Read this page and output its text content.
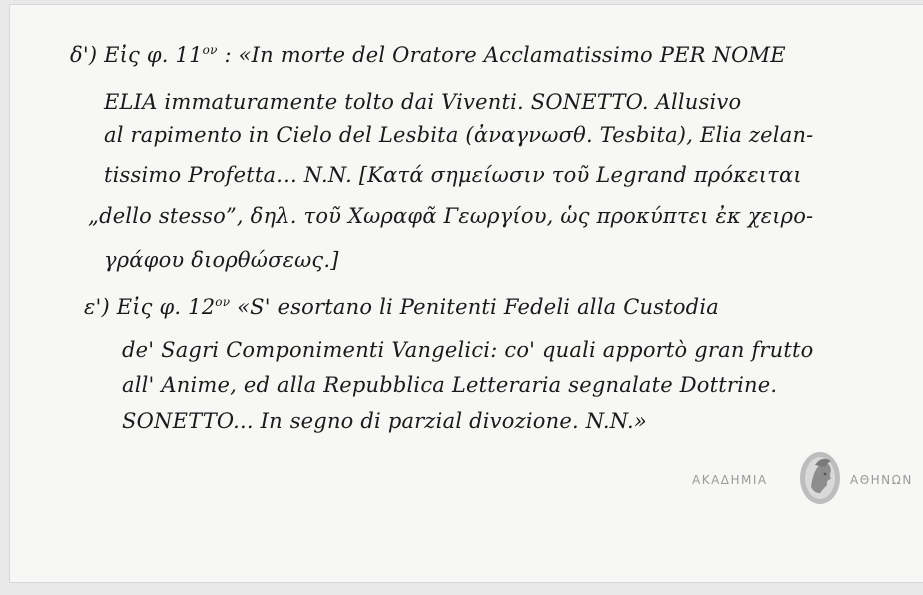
δ') Εἰς φ. $11^{o\nu}$ : «In morte del Oratore Acclamatissimo PER NOME
ELIA immaturamente tolto dai Viventi. SONETTO. Allusivo
al rapimento in Cielo del Lesbita (ἀναγνωσθ. Tesbita), Elia zelan-
tissimo Profetta... N.N. [Κατά σημείωσιν τοῦ Legrand πρόκειται
„dello stesso”, δηλ. τοῦ Χωραφᾶ Γεωργίου, ὡς προκύπτει ἐκ χειρο-
γράφου διορθώσεως.]
ε') Εἰς φ. $12^{o\nu}$ «S' esortano li Penitenti Fedeli alla Custodia
de' Sagri Componimenti Vangelici: co' quali apportò gran frutto
all' Anime, ed alla Repubblica Letteraria segnalate Dottrine.
SONETTO... In segno di parzial divozione. N.N.»
ΑΚΑΔΗΜΙΑ	ΑΘΗΝΩΝ
